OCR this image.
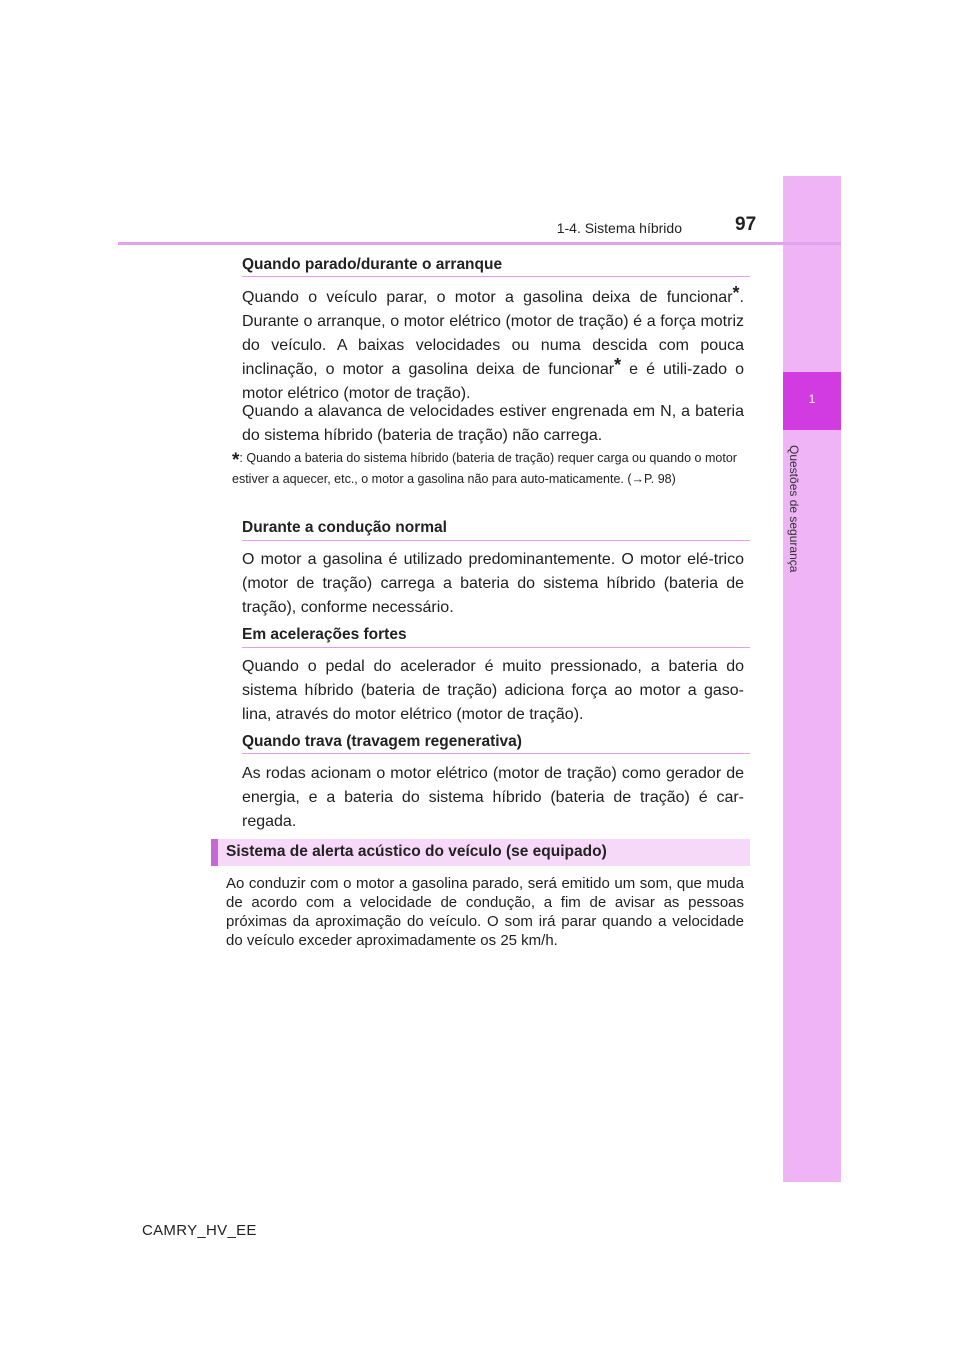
1
Questões de segurança
1-4. Sistema híbrido	97
Quando parado/durante o arranque
Quando o veículo parar, o motor a gasolina deixa de funcionar*. Durante o arranque, o motor elétrico (motor de tração) é a força motriz do veículo. A baixas velocidades ou numa descida com pouca inclinação, o motor a gasolina deixa de funcionar* e é utili-zado o motor elétrico (motor de tração).
Quando a alavanca de velocidades estiver engrenada em N, a bateria do sistema híbrido (bateria de tração) não carrega.
*: Quando a bateria do sistema híbrido (bateria de tração) requer carga ou quando o motor estiver a aquecer, etc., o motor a gasolina não para auto-maticamente. (→P. 98)
Durante a condução normal
O motor a gasolina é utilizado predominantemente. O motor elé-trico (motor de tração) carrega a bateria do sistema híbrido (bateria de tração), conforme necessário.
Em acelerações fortes
Quando o pedal do acelerador é muito pressionado, a bateria do sistema híbrido (bateria de tração) adiciona força ao motor a gaso-lina, através do motor elétrico (motor de tração).
Quando trava (travagem regenerativa)
As rodas acionam o motor elétrico (motor de tração) como gerador de energia, e a bateria do sistema híbrido (bateria de tração) é car-regada.
Sistema de alerta acústico do veículo (se equipado)
Ao conduzir com o motor a gasolina parado, será emitido um som, que muda de acordo com a velocidade de condução, a fim de avisar as pessoas próximas da aproximação do veículo. O som irá parar quando a velocidade do veículo exceder aproximadamente os 25 km/h.
CAMRY_HV_EE
